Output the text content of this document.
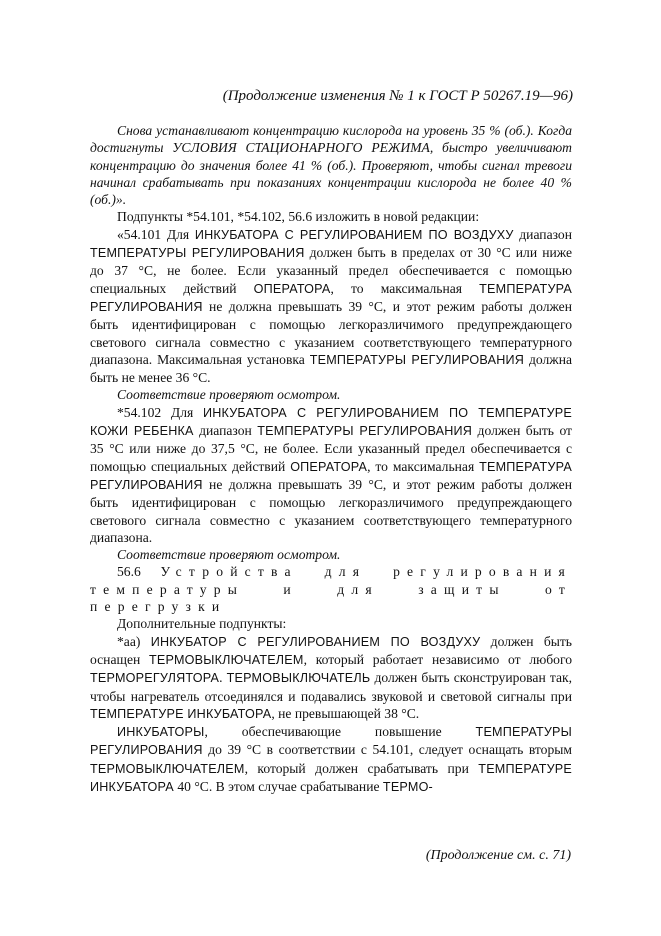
(Продолжение изменения № 1 к ГОСТ Р 50267.19—96)

Снова устанавливают концентрацию кислорода на уровень 35 % (об.). Когда достигнуты УСЛОВИЯ СТАЦИОНАРНОГО РЕЖИМА, быстро увеличивают концентрацию до значения более 41 % (об.). Проверяют, чтобы сигнал тревоги начинал срабатывать при показаниях концентрации кислорода не более 40 % (об.)».

Подпункты *54.101, *54.102, 56.6 изложить в новой редакции:

«54.101 Для ИНКУБАТОРА С РЕГУЛИРОВАНИЕМ ПО ВОЗДУХУ диапазон ТЕМПЕРАТУРЫ РЕГУЛИРОВАНИЯ должен быть в пределах от 30 °С или ниже до 37 °С, не более. Если указанный предел обеспечивается с помощью специальных действий ОПЕРАТОРА, то максимальная ТЕМПЕРАТУРА РЕГУЛИРОВАНИЯ не должна превышать 39 °С, и этот режим работы должен быть идентифицирован с помощью легкоразличимого предупреждающего светового сигнала совместно с указанием соответствующего температурного диапазона. Максимальная установка ТЕМПЕРАТУРЫ РЕГУЛИРОВАНИЯ должна быть не менее 36 °С.

Соответствие проверяют осмотром.

*54.102 Для ИНКУБАТОРА С РЕГУЛИРОВАНИЕМ ПО ТЕМПЕРАТУРЕ КОЖИ РЕБЕНКА диапазон ТЕМПЕРАТУРЫ РЕГУЛИРОВАНИЯ должен быть от 35 °С или ниже до 37,5 °С, не более. Если указанный предел обеспечивается с помощью специальных действий ОПЕРАТОРА, то максимальная ТЕМПЕРАТУРА РЕГУЛИРОВАНИЯ не должна превышать 39 °С, и этот режим работы должен быть идентифицирован с помощью легкоразличимого предупреждающего светового сигнала совместно с указанием соответствующего температурного диапазона.

Соответствие проверяют осмотром.

56.6 Устройства для регулирования температуры и для защиты от перегрузки

Дополнительные подпункты:

*аа) ИНКУБАТОР С РЕГУЛИРОВАНИЕМ ПО ВОЗДУХУ должен быть оснащен ТЕРМОВЫКЛЮЧАТЕЛЕМ, который работает независимо от любого ТЕРМОРЕГУЛЯТОРА. ТЕРМОВЫКЛЮЧАТЕЛЬ должен быть сконструирован так, чтобы нагреватель отсоединялся и подавались звуковой и световой сигналы при ТЕМПЕРАТУРЕ ИНКУБАТОРА, не превышающей 38 °С.

ИНКУБАТОРЫ, обеспечивающие повышение ТЕМПЕРАТУРЫ РЕГУЛИРОВАНИЯ до 39 °С в соответствии с 54.101, следует оснащать вторым ТЕРМОВЫКЛЮЧАТЕЛЕМ, который должен срабатывать при ТЕМПЕРАТУРЕ ИНКУБАТОРА 40 °С. В этом случае срабатывание ТЕРМО-

(Продолжение см. с. 71)
